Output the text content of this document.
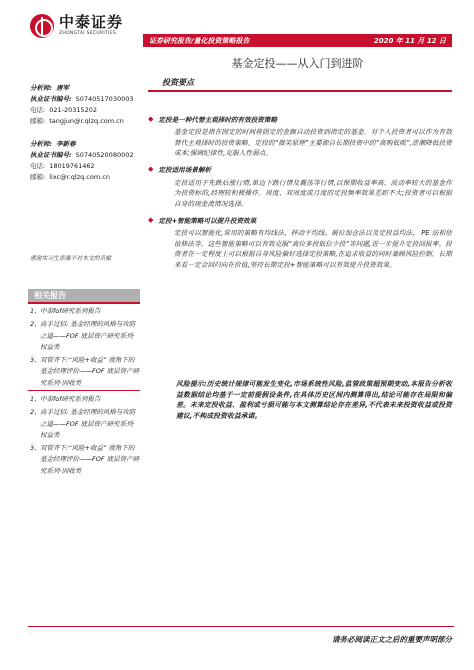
中泰证券
ZHONGTAI SECURITIES
证券研究报告/量化投资策略报告	2020 年 11 月 12 日
基金定投——从入门到进阶
分析师: 唐军
执业证书编号: S0740517030003
电话: 021-20315202
邮箱: tangjun@r.qlzq.com.cn
分析师: 李新春
执业证书编号: S0740520080002
电话: 18019761462
邮箱: lixc@r.qlzq.com.cn
感谢实习生邢豫平对本文的贡献
相关报告
1、 中泰fof研究系列报告
2、 高手过招: 基金经理的风格与攻防之道——FOF 底层资产研究系列·权益类
3、 双管齐下:“风险+收益” 视角下的基金经理评价——FOF 底层资产研究系列·固收类
1、 中泰fof研究系列报告
2、 高手过招: 基金经理的风格与攻防之道——FOF 底层资产研究系列·权益类
3、 双管齐下:“风险+收益” 视角下的基金经理评价——FOF 底层资产研究系列·固收类
投资要点
◆ 定投是一种代替主观择时的有效投资策略
基金定投是指在固定的时间将固定的金额自动投资到指定的基金。对个人投资者可以作为有效替代主观择时的投资策略。定投的“微笑原理”主要源自长期投资中的“高购低吸”,逆潮降低投资成本;强调纪律性,克服人性弱点。
◆ 定投适用场景解析
定投适用于先跌后涨行情,单边下跌行情及震荡等行情,以预期收益率高、波动率较大的基金作为投资标的,经理较积极操作。周度、双周度或月度的定投频率效果差距不大;投资者可以根据自身的现金流情况选择。
◆ 定投+智能策略可以提升投资效果
定投可以智能化,常用的策略有均线法、移动平均线、破位加仓法以及定投益均法、 PE 法和估值修法等。这些智能策略可以有效克服“高位多投低位少投”等问题,进一步提升定投回报率。投资者在一定程度上可以根据自身风险偏好选择定投策略,在追求收益的同时兼顾风险控制。长期来看一定会回归向在价值,坚持长期定投+智能策略可以有效提升投资效果。
风险提示:历史统计规律可能发生变化,市场系统性风险,监管政策超预期变动,本报告分析收益数据结论均基于一定前提假设条件,在具体历史区间内测算得出,结论可能存在局限和偏差。未来定投收益、盈利或亏损可能与本文测算结论存在差异,不代表未来投资收益或投资建议,不构成投资收益承诺。
请务必阅读正文之后的重要声明部分
